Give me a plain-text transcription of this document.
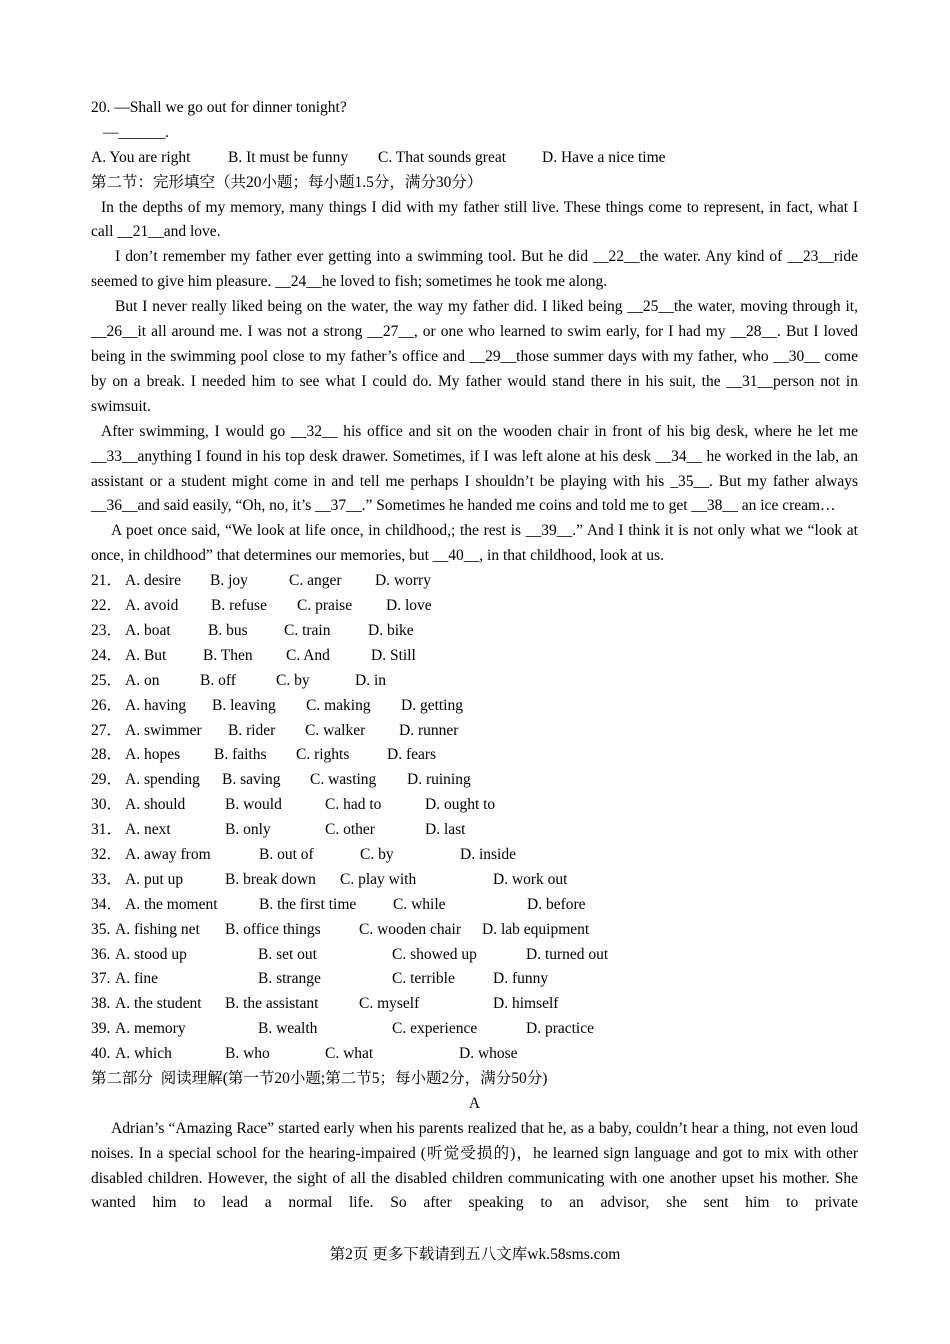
20. —Shall we go out for dinner tonight?
—______.
A. You are right	B. It must be funny	C. That sounds great	D. Have a nice time
第二节：完形填空（共20小题；每小题1.5分，满分30分）
In the depths of my memory, many things I did with my father still live. These things come to represent, in fact, what I call __21__and love.
I don’t remember my father ever getting into a swimming tool. But he did __22__the water. Any kind of __23__ride seemed to give him pleasure. __24__he loved to fish; sometimes he took me along.
But I never really liked being on the water, the way my father did. I liked being __25__the water, moving through it, __26__it all around me. I was not a strong __27__, or one who learned to swim early, for I had my __28__. But I loved being in the swimming pool close to my father’s office and __29__those summer days with my father, who __30__ come by on a break. I needed him to see what I could do. My father would stand there in his suit, the __31__person not in swimsuit.
After swimming, I would go __32__ his office and sit on the wooden chair in front of his big desk, where he let me __33__anything I found in his top desk drawer. Sometimes, if I was left alone at his desk __34__ he worked in the lab, an assistant or a student might come in and tell me perhaps I shouldn’t be playing with his _35__. But my father always __36__and said easily, “Oh, no, it’s __37__.” Sometimes he handed me coins and told me to get __38__ an ice cream…
A poet once said, “We look at life once, in childhood,; the rest is __39__.” And I think it is not only what we “look at once, in childhood” that determines our memories, but __40__, in that childhood, look at us.
21． A. desire	B. joy	C. anger	D. worry
22． A. avoid	B. refuse	C. praise	D. love
23． A. boat	B. bus	C. train	D. bike
24． A. But	B. Then	C. And	D. Still
25． A. on	B. off	C. by	D. in
26． A. having	B. leaving	C. making	D. getting
27． A. swimmer	B. rider	C. walker	D. runner
28． A. hopes	B. faiths	C. rights	D. fears
29． A. spending	B. saving	C. wasting	D. ruining
30． A. should	B. would	C. had to	D. ought to
31． A. next	B. only	C. other	D. last
32． A. away from	B. out of	C. by	D. inside
33． A. put up	B. break down	C. play with	D. work out
34． A. the moment	B. the first time	C. while	D. before
35. A. fishing net	B. office things	C. wooden chair	D. lab equipment
36. A. stood up	B. set out	C. showed up	D. turned out
37. A. fine	B. strange	C. terrible	D. funny
38. A. the student	B. the assistant	C. myself	D. himself
39. A. memory	B. wealth	C. experience	D. practice
40. A. which	B. who	C. what	D. whose
第二部分  阅读理解(第一节20小题;第二节5；每小题2分，满分50分)
A
Adrian’s “Amazing Race” started early when his parents realized that he, as a baby, couldn’t hear a thing, not even loud noises. In a special school for the hearing-impaired (听觉受损的)，he learned sign language and got to mix with other disabled children. However, the sight of all the disabled children communicating with one another upset his mother. She wanted him to lead a normal life. So after speaking to an advisor, she sent him to private
第2页 更多下载请到五八文库wk.58sms.com
